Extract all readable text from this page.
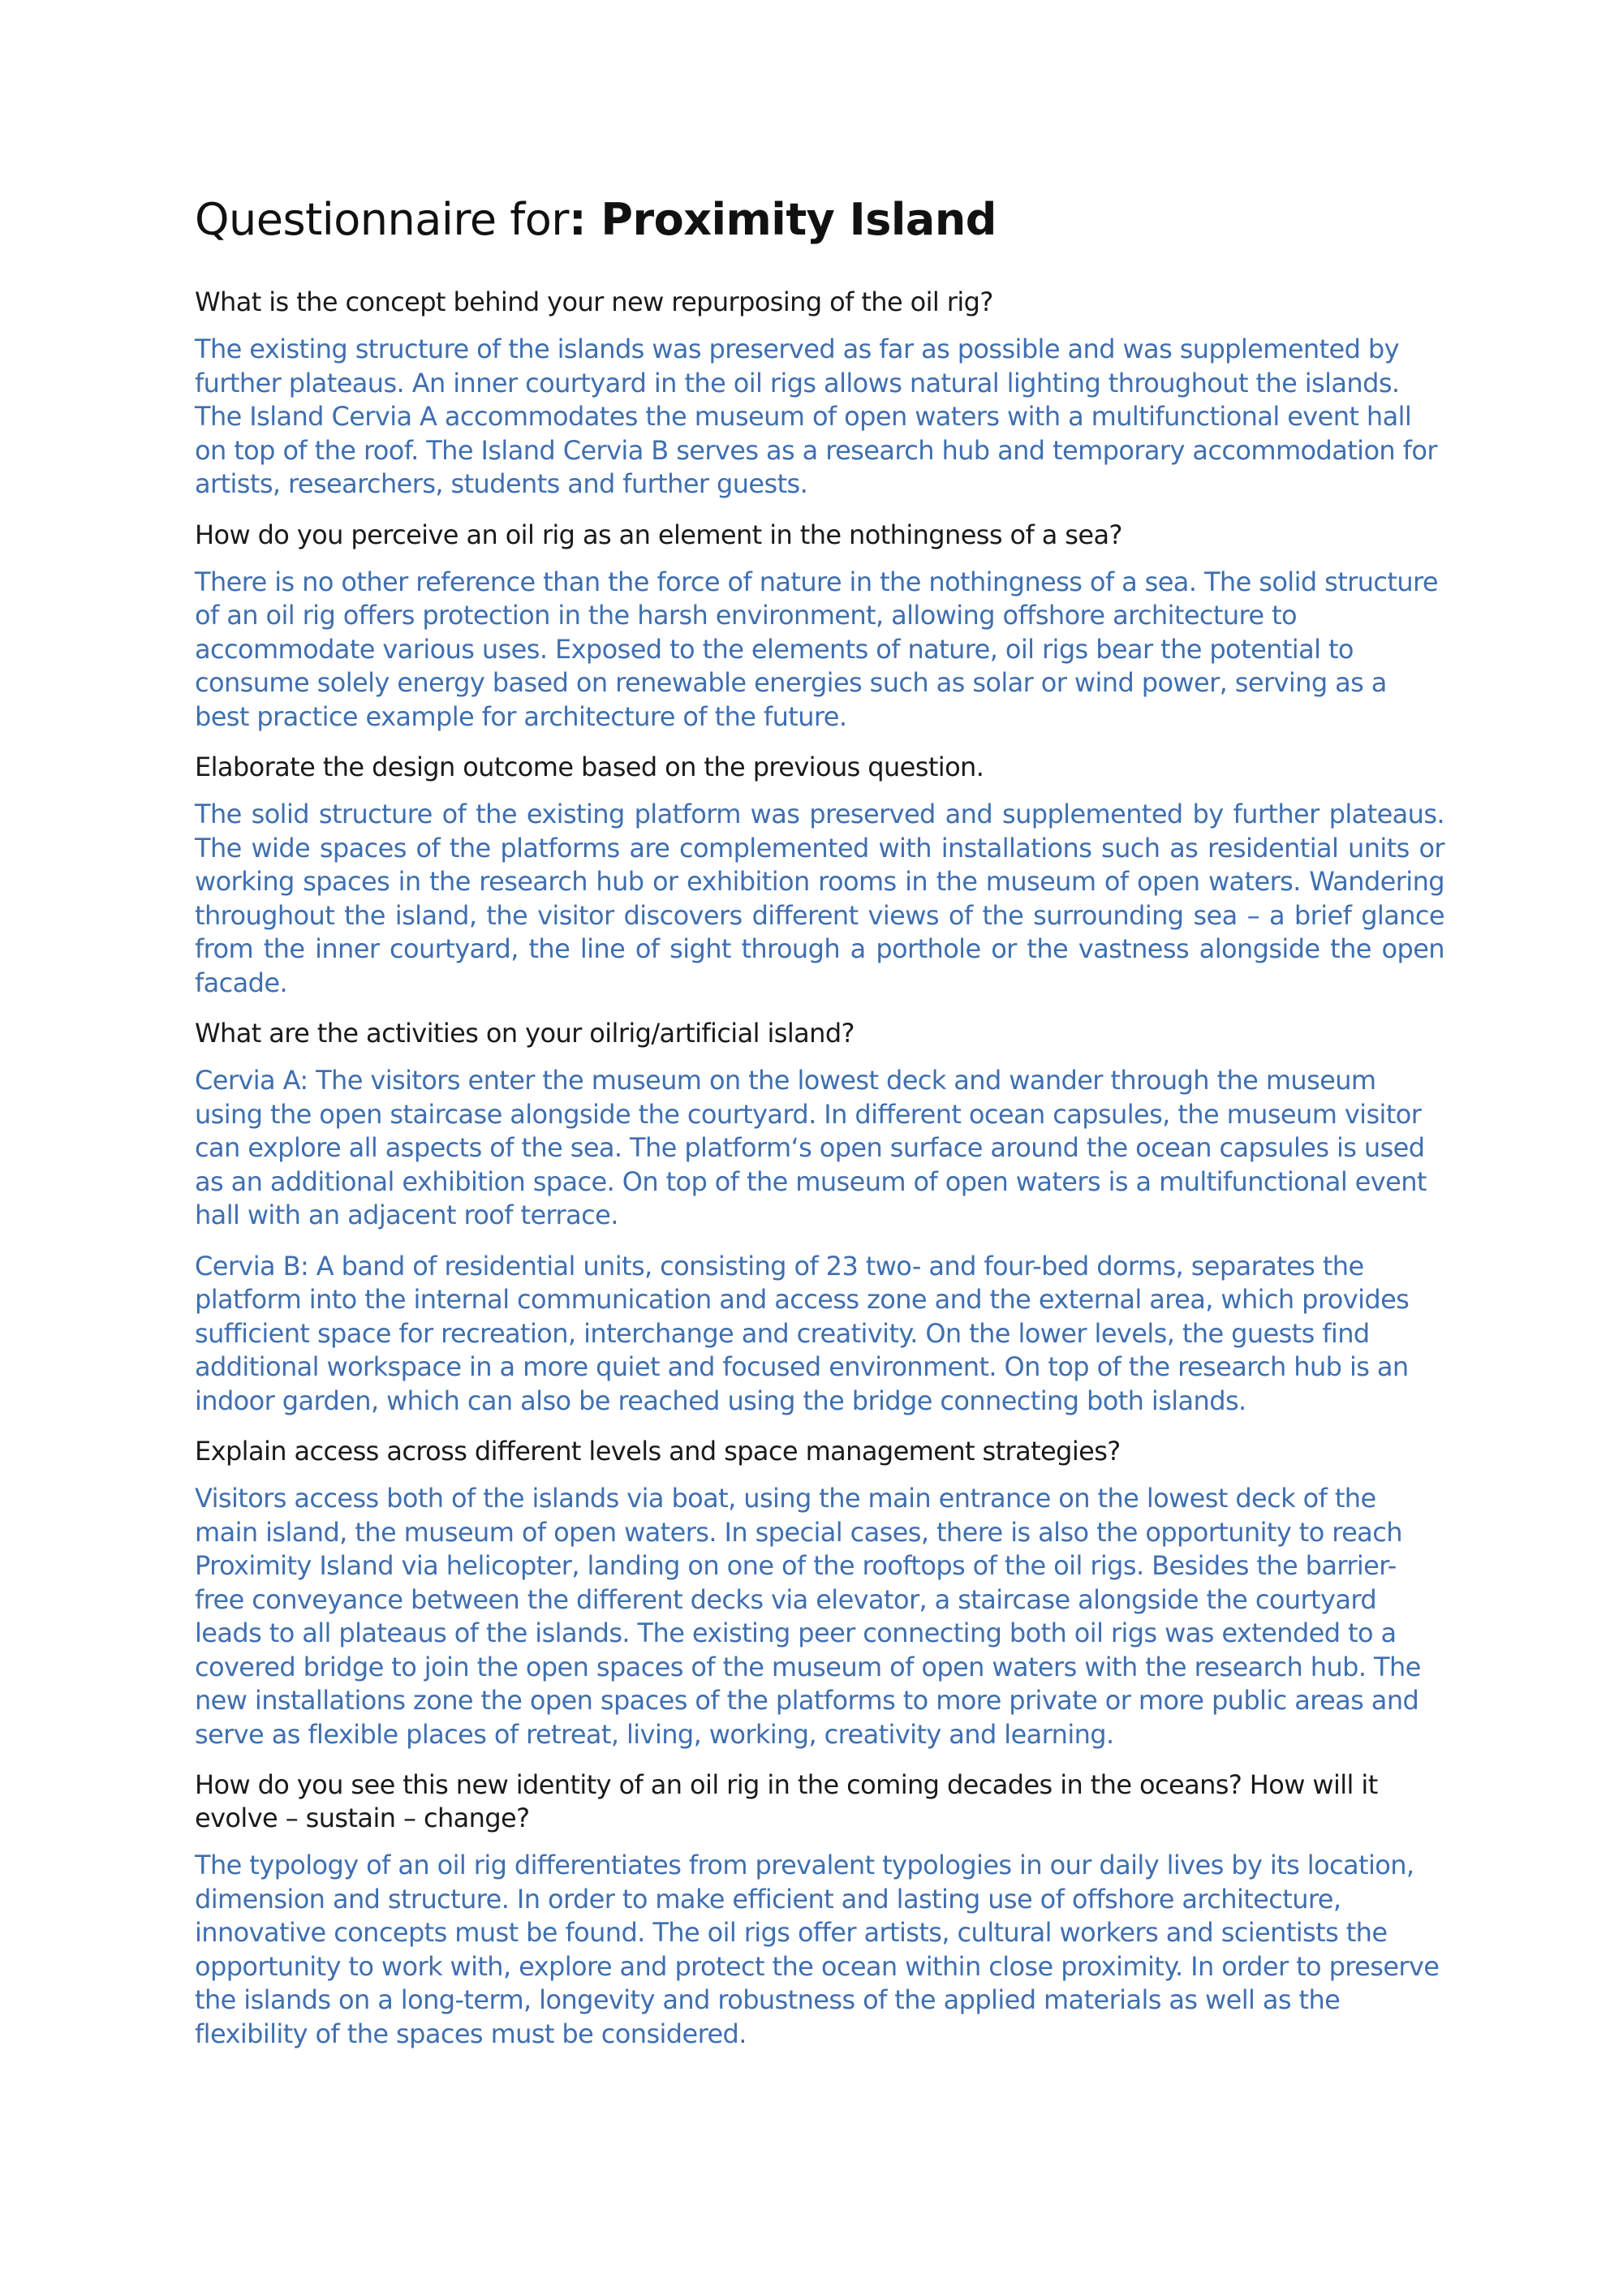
Questionnaire for: Proximity Island

What is the concept behind your new repurposing of the oil rig?

The existing structure of the islands was preserved as far as possible and was supplemented by further plateaus. An inner courtyard in the oil rigs allows natural lighting throughout the islands. The Island Cervia A accommodates the museum of open waters with a multifunctional event hall on top of the roof. The Island Cervia B serves as a research hub and temporary accommodation for artists, researchers, students and further guests.

How do you perceive an oil rig as an element in the nothingness of a sea?

There is no other reference than the force of nature in the nothingness of a sea. The solid structure of an oil rig offers protection in the harsh environment, allowing offshore architecture to accommodate various uses. Exposed to the elements of nature, oil rigs bear the potential to consume solely energy based on renewable energies such as solar or wind power, serving as a best practice example for architecture of the future.

Elaborate the design outcome based on the previous question.

The solid structure of the existing platform was preserved and supplemented by further plateaus. The wide spaces of the platforms are complemented with installations such as residential units or working spaces in the research hub or exhibition rooms in the museum of open waters. Wandering throughout the island, the visitor discovers different views of the surrounding sea – a brief glance from the inner courtyard, the line of sight through a porthole or the vastness alongside the open facade.

What are the activities on your oilrig/artificial island?

Cervia A: The visitors enter the museum on the lowest deck and wander through the museum using the open staircase alongside the courtyard. In different ocean capsules, the museum visitor can explore all aspects of the sea. The platform‘s open surface around the ocean capsules is used as an additional exhibition space. On top of the museum of open waters is a multifunctional event hall with an adjacent roof terrace.

Cervia B: A band of residential units, consisting of 23 two- and four-bed dorms, separates the platform into the internal communication and access zone and the external area, which provides sufficient space for recreation, interchange and creativity. On the lower levels, the guests find additional workspace in a more quiet and focused environment. On top of the research hub is an indoor garden, which can also be reached using the bridge connecting both islands.

Explain access across different levels and space management strategies?

Visitors access both of the islands via boat, using the main entrance on the lowest deck of the main island, the museum of open waters. In special cases, there is also the opportunity to reach Proximity Island via helicopter, landing on one of the rooftops of the oil rigs. Besides the barrier-free conveyance between the different decks via elevator, a staircase alongside the courtyard leads to all plateaus of the islands. The existing peer connecting both oil rigs was extended to a covered bridge to join the open spaces of the museum of open waters with the research hub. The new installations zone the open spaces of the platforms to more private or more public areas and serve as flexible places of retreat, living, working, creativity and learning.

How do you see this new identity of an oil rig in the coming decades in the oceans? How will it evolve – sustain – change?

The typology of an oil rig differentiates from prevalent typologies in our daily lives by its location, dimension and structure. In order to make efficient and lasting use of offshore architecture, innovative concepts must be found. The oil rigs offer artists, cultural workers and scientists the opportunity to work with, explore and protect the ocean within close proximity. In order to preserve the islands on a long-term, longevity and robustness of the applied materials as well as the flexibility of the spaces must be considered.
